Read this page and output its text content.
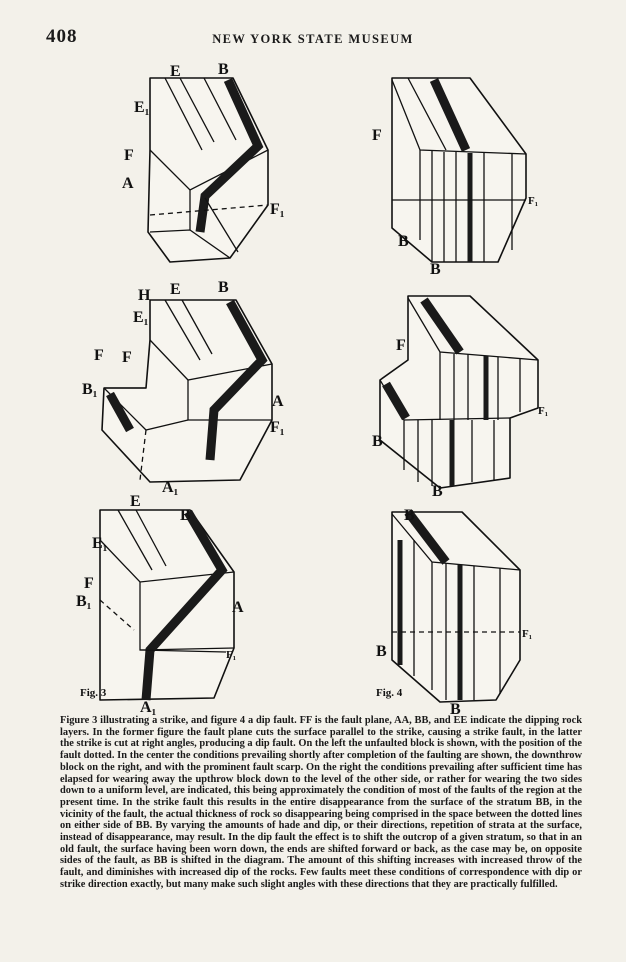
408	NEW YORK STATE MUSEUM
E B
E₁
F
A
F₁
H E B
E₁
F F
B₁
A
F₁
A₁
E
B
E₁
F
B₁	A
F₁
A₁
Fig. 3
F
F₁
B
B
F
F₁
B
B
B
F₁
B
B
Fig. 4
Figure 3 illustrating a strike, and figure 4 a dip fault. FF is the fault plane, AA, BB, and EE indicate the dipping rock layers. In the former figure the fault plane cuts the surface parallel to the strike, causing a strike fault, in the latter the strike is cut at right angles, producing a dip fault. On the left the unfaulted block is shown, with the position of the fault dotted. In the center the conditions prevailing shortly after completion of the faulting are shown, the downthrow block on the right, and with the prominent fault scarp. On the right the conditions prevailing after sufficient time has elapsed for wearing away the upthrow block down to the level of the other side, or rather for wearing the two sides down to a uniform level, are indicated, this being approximately the condition of most of the faults of the region at the present time. In the strike fault this results in the entire disappearance from the surface of the stratum BB, in the vicinity of the fault, the actual thickness of rock so disappearing being comprised in the space between the dotted lines on either side of BB. By varying the amounts of hade and dip, or their directions, repetition of strata at the surface, instead of disappearance, may result. In the dip fault the effect is to shift the outcrop of a given stratum, so that in an old fault, the surface having been worn down, the ends are shifted forward or back, as the case may be, on opposite sides of the fault, as BB is shifted in the diagram. The amount of this shifting increases with increased throw of the fault, and diminishes with increased dip of the rocks. Few faults meet these conditions of correspondence with dip or strike direction exactly, but many make such slight angles with these directions that they are practically fulfilled.
